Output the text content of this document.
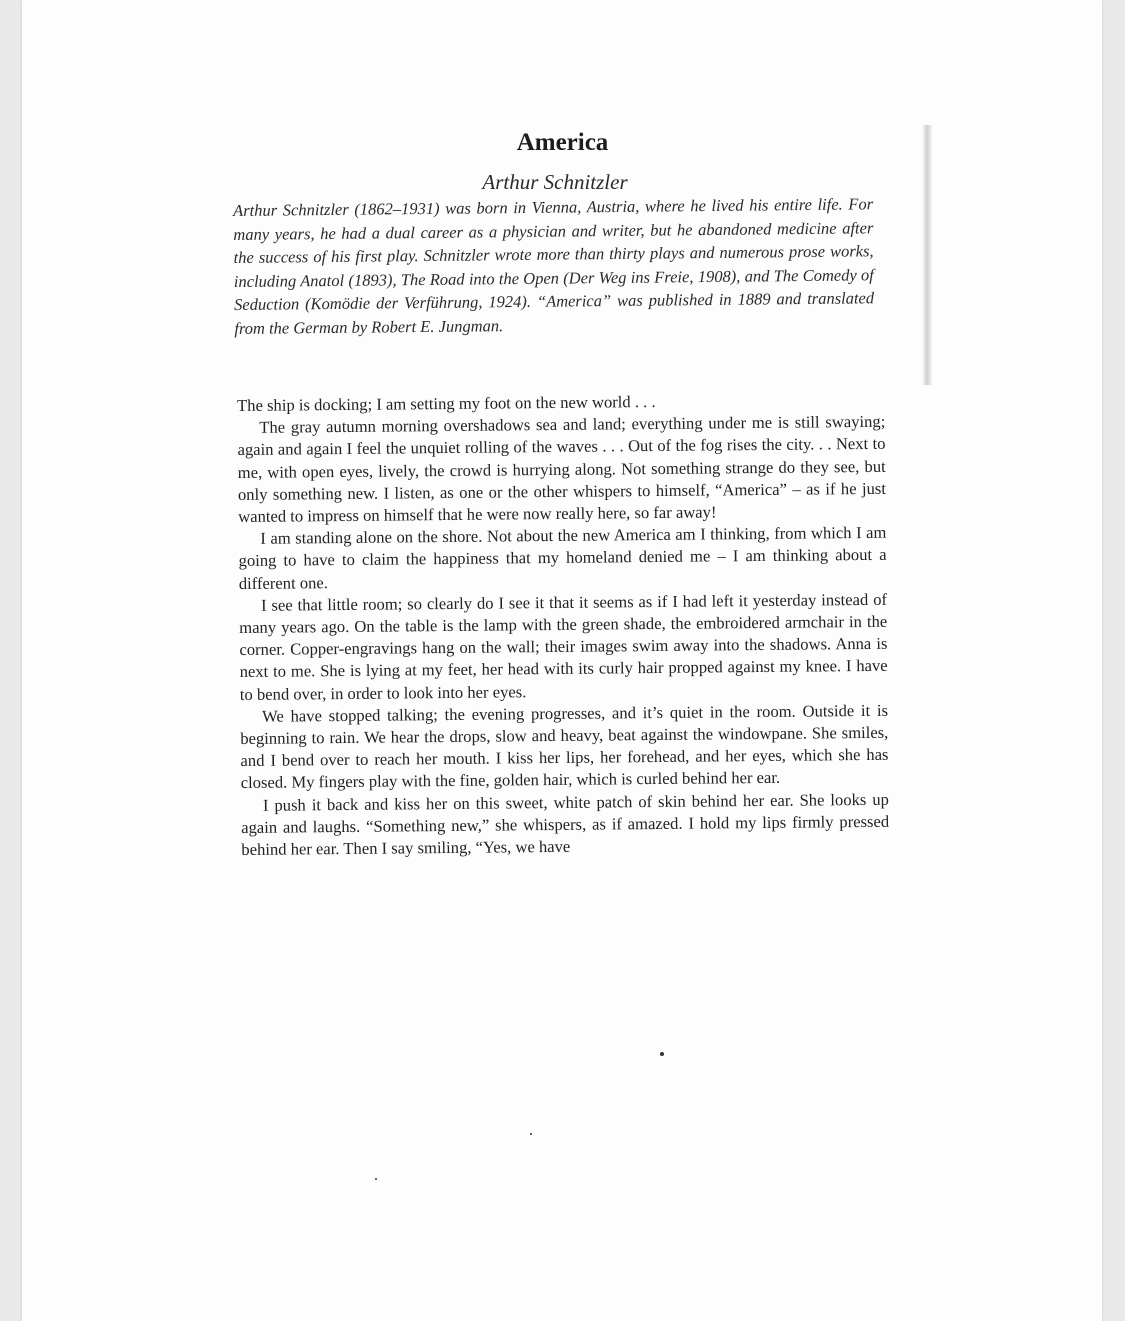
America
Arthur Schnitzler

Arthur Schnitzler (1862–1931) was born in Vienna, Austria, where he lived his entire life. For many years, he had a dual career as a physician and writer, but he abandoned medicine after the success of his first play. Schnitzler wrote more than thirty plays and numerous prose works, including Anatol (1893), The Road into the Open (Der Weg ins Freie, 1908), and The Comedy of Seduction (Komödie der Verführung, 1924). “America” was published in 1889 and translated from the German by Robert E. Jungman.

The ship is docking; I am setting my foot on the new world . . .

The gray autumn morning overshadows sea and land; everything under me is still swaying; again and again I feel the unquiet rolling of the waves . . . Out of the fog rises the city. . . Next to me, with open eyes, lively, the crowd is hurrying along. Not something strange do they see, but only something new. I listen, as one or the other whispers to himself, “America” – as if he just wanted to impress on himself that he were now really here, so far away!

I am standing alone on the shore. Not about the new America am I thinking, from which I am going to have to claim the happiness that my homeland denied me – I am thinking about a different one.

I see that little room; so clearly do I see it that it seems as if I had left it yesterday instead of many years ago. On the table is the lamp with the green shade, the embroidered armchair in the corner. Copper-engravings hang on the wall; their images swim away into the shadows. Anna is next to me. She is lying at my feet, her head with its curly hair propped against my knee. I have to bend over, in order to look into her eyes.

We have stopped talking; the evening progresses, and it’s quiet in the room. Outside it is beginning to rain. We hear the drops, slow and heavy, beat against the windowpane. She smiles, and I bend over to reach her mouth. I kiss her lips, her forehead, and her eyes, which she has closed. My fingers play with the fine, golden hair, which is curled behind her ear.

I push it back and kiss her on this sweet, white patch of skin behind her ear. She looks up again and laughs. “Something new,” she whispers, as if amazed. I hold my lips firmly pressed behind her ear. Then I say smiling, “Yes, we have
